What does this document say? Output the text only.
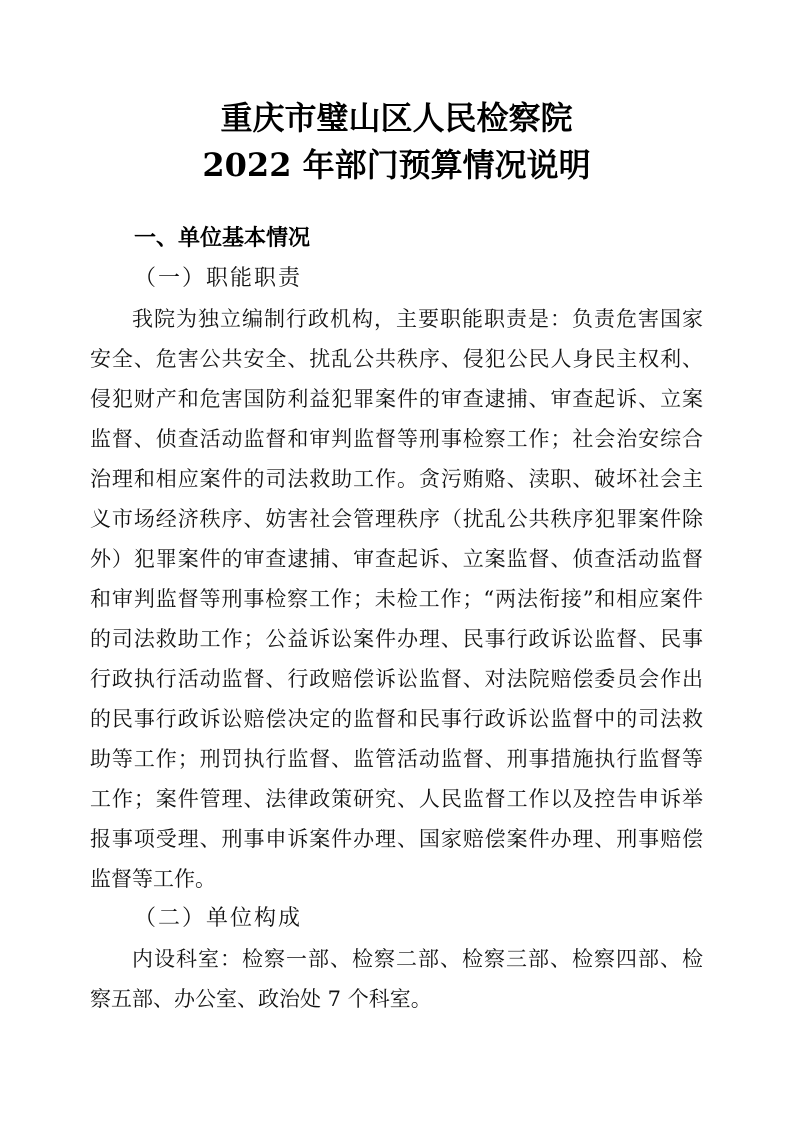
重庆市璧山区人民检察院
2022 年部门预算情况说明
一、单位基本情况
（一）职能职责
我院为独立编制行政机构，主要职能职责是：负责危害国家
安全、危害公共安全、扰乱公共秩序、侵犯公民人身民主权利、
侵犯财产和危害国防利益犯罪案件的审查逮捕、审查起诉、立案
监督、侦查活动监督和审判监督等刑事检察工作；社会治安综合
治理和相应案件的司法救助工作。贪污贿赂、渎职、破坏社会主
义市场经济秩序、妨害社会管理秩序（扰乱公共秩序犯罪案件除
外）犯罪案件的审查逮捕、审查起诉、立案监督、侦查活动监督
和审判监督等刑事检察工作；未检工作；“两法衔接”和相应案件
的司法救助工作；公益诉讼案件办理、民事行政诉讼监督、民事
行政执行活动监督、行政赔偿诉讼监督、对法院赔偿委员会作出
的民事行政诉讼赔偿决定的监督和民事行政诉讼监督中的司法救
助等工作；刑罚执行监督、监管活动监督、刑事措施执行监督等
工作；案件管理、法律政策研究、人民监督工作以及控告申诉举
报事项受理、刑事申诉案件办理、国家赔偿案件办理、刑事赔偿
监督等工作。
（二）单位构成
内设科室：检察一部、检察二部、检察三部、检察四部、检
察五部、办公室、政治处 7 个科室。
